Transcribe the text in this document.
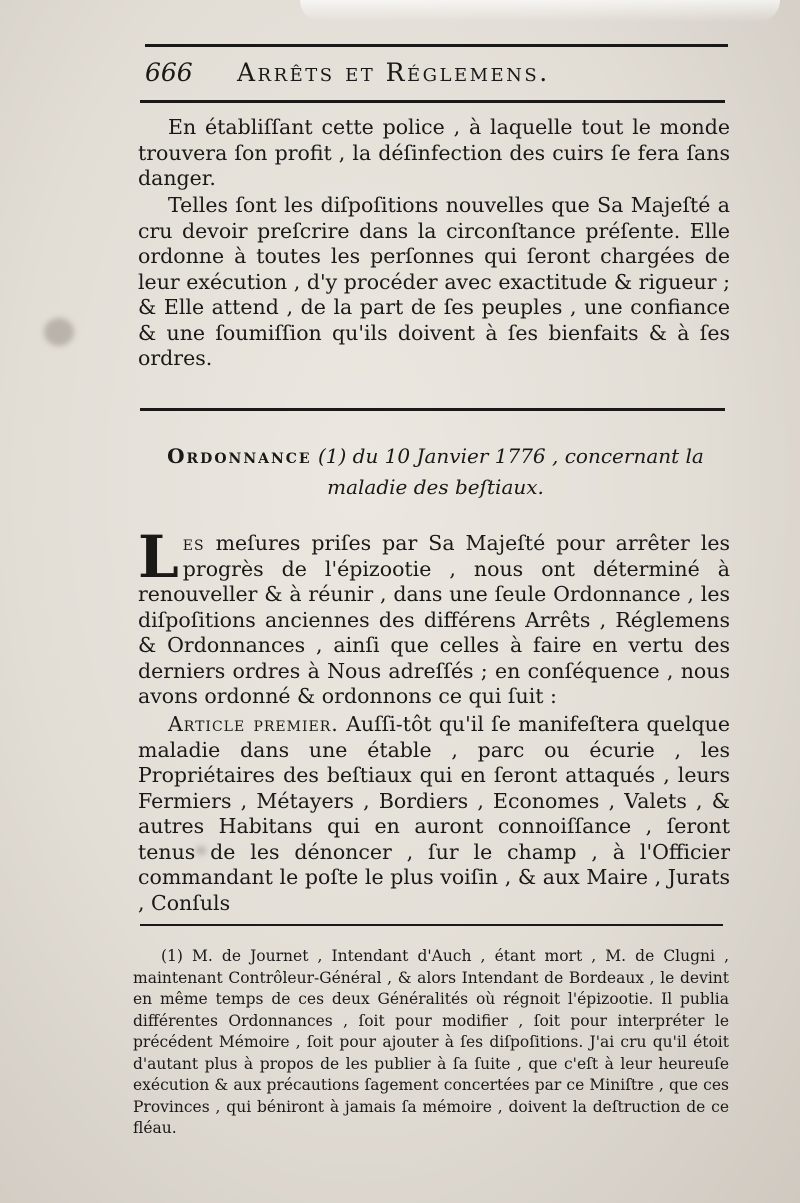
666 Arrêts et Réglemens.

En établiſſant cette police , à laquelle tout le monde trouvera ſon profit , la déſinfection des cuirs ſe fera ſans danger.

Telles ſont les diſpoſitions nouvelles que Sa Majeſté a cru devoir preſcrire dans la circonſtance préſente. Elle ordonne à toutes les perſonnes qui ſeront chargées de leur exécution , d'y procéder avec exactitude & rigueur ; & Elle attend , de la part de ſes peuples , une confiance & une ſoumiſſion qu'ils doivent à ſes bienfaits & à ſes ordres.

Ordonnance (1) du 10 Janvier 1776 , concernant la maladie des beſtiaux.

Les meſures priſes par Sa Majeſté pour arrêter les progrès de l'épizootie , nous ont déterminé à renouveller & à réunir , dans une ſeule Ordonnance , les diſpoſitions anciennes des différens Arrêts , Réglemens & Ordonnances , ainſi que celles à faire en vertu des derniers ordres à Nous adreſſés ; en conſéquence , nous avons ordonné & ordonnons ce qui ſuit :

Article premier. Auſſi-tôt qu'il ſe manifeſtera quelque maladie dans une étable , parc ou écurie , les Propriétaires des beſtiaux qui en ſeront attaqués , leurs Fermiers , Métayers , Bordiers , Economes , Valets , & autres Habitans qui en auront connoiſſance , ſeront tenus de les dénoncer , ſur le champ , à l'Officier commandant le poſte le plus voiſin , & aux Maire , Jurats , Conſuls

(1) M. de Journet , Intendant d'Auch , étant mort , M. de Clugni , maintenant Contrôleur-Général , & alors Intendant de Bordeaux , le devint en même temps de ces deux Généralités où régnoit l'épizootie. Il publia différentes Ordonnances , ſoit pour modifier , ſoit pour interpréter le précédent Mémoire , ſoit pour ajouter à ſes diſpoſitions. J'ai cru qu'il étoit d'autant plus à propos de les publier à ſa ſuite , que c'eſt à leur heureuſe exécution & aux précautions ſagement concertées par ce Miniſtre , que ces Provinces , qui béniront à jamais ſa mémoire , doivent la deſtruction de ce fléau.
